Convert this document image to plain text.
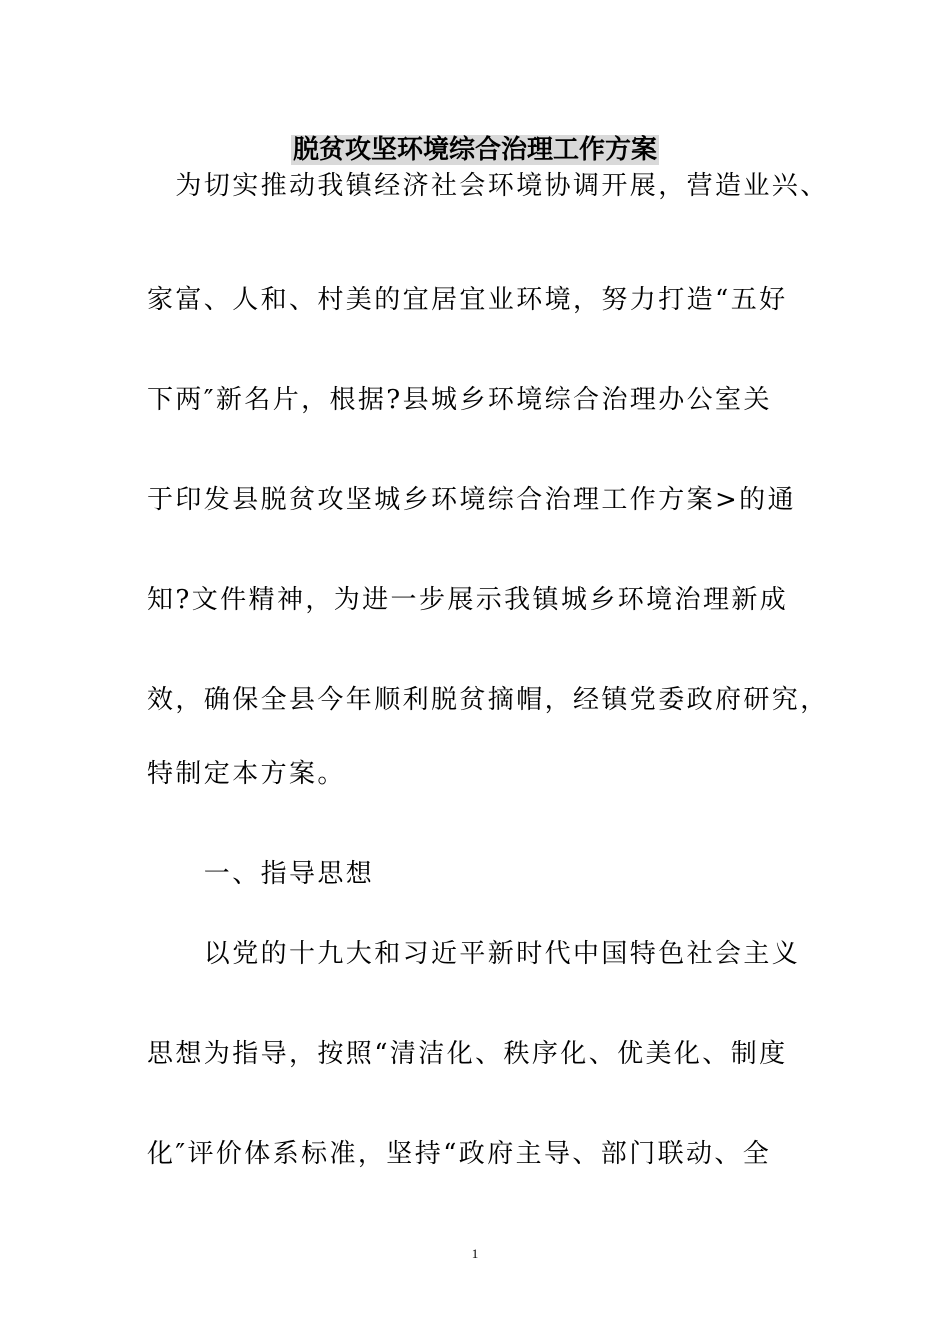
脱贫攻坚环境综合治理工作方案
　为切实推动我镇经济社会环境协调开展，营造业兴、
家富、人和、村美的宜居宜业环境，努力打造“五好
下两″新名片，根据?县城乡环境综合治理办公室关
于印发县脱贫攻坚城乡环境综合治理工作方案>的通
知?文件精神，为进一步展示我镇城乡环境治理新成
效，确保全县今年顺利脱贫摘帽，经镇党委政府研究，
特制定本方案。
　　一、指导思想
　　以党的十九大和习近平新时代中国特色社会主义
思想为指导，按照“清洁化、秩序化、优美化、制度
化″评价体系标准，坚持“政府主导、部门联动、全
1
